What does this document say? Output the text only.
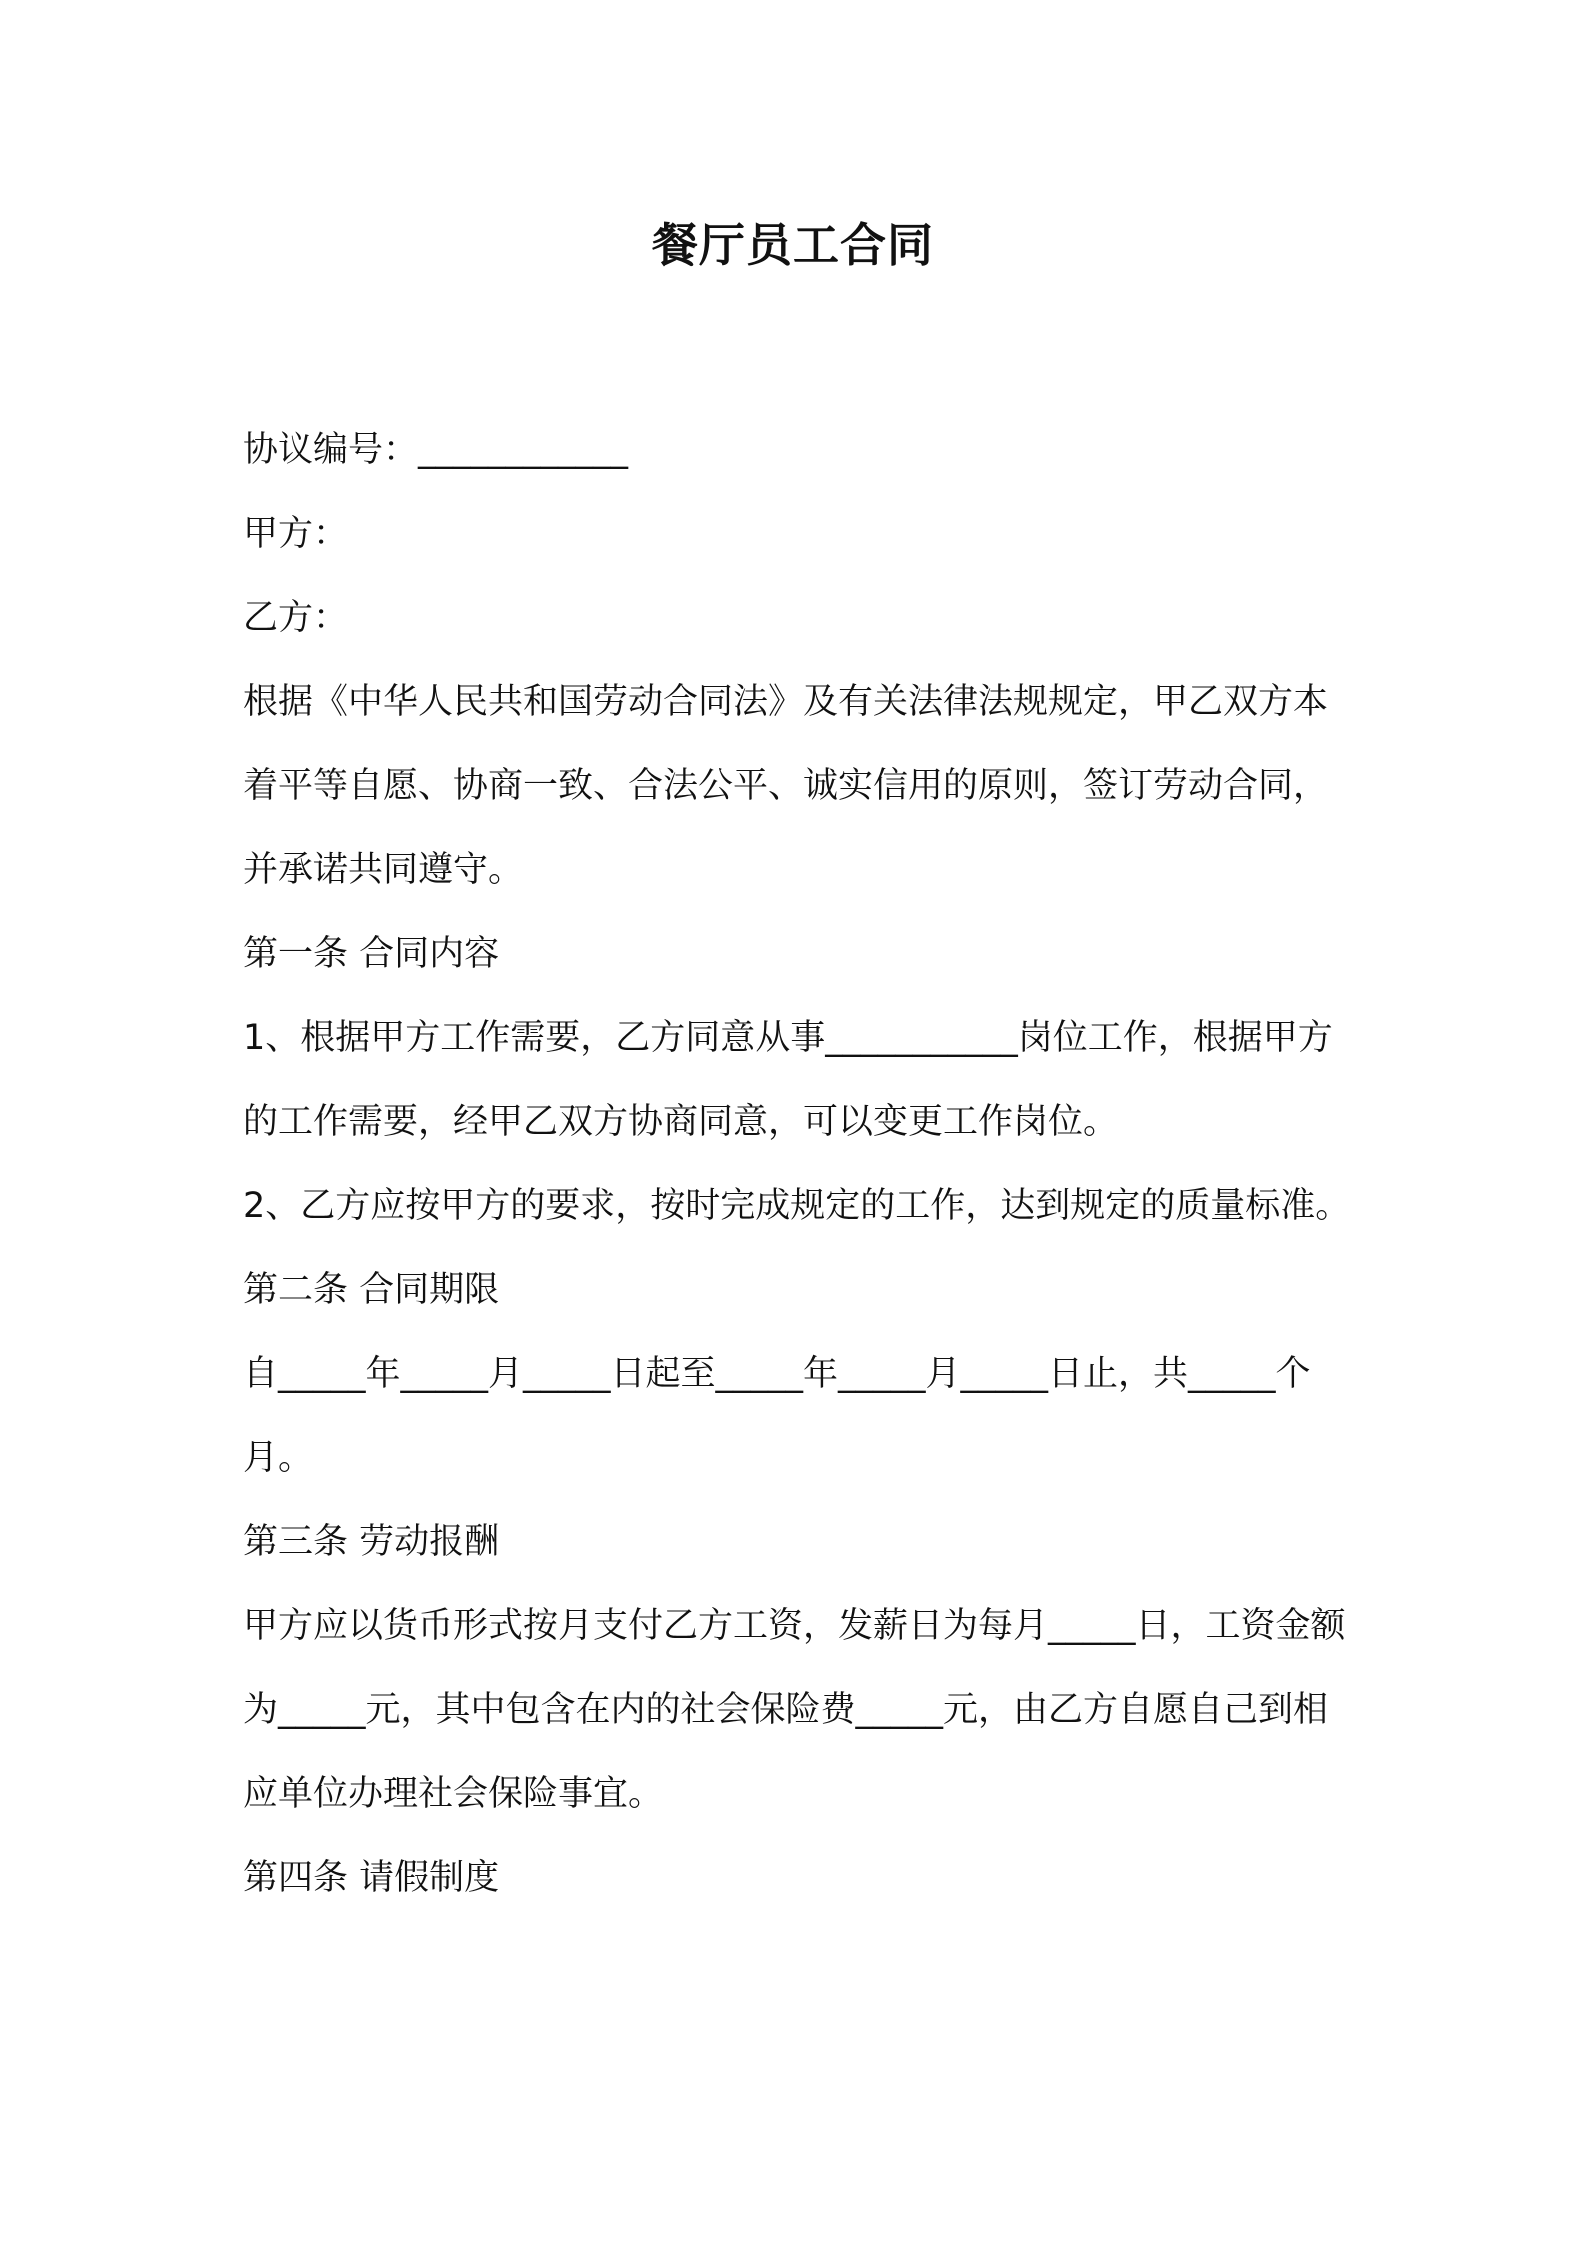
餐厅员工合同

协议编号：____________

甲方：

乙方：

根据《中华人民共和国劳动合同法》及有关法律法规规定，甲乙双方本着平等自愿、协商一致、合法公平、诚实信用的原则，签订劳动合同，并承诺共同遵守。

第一条 合同内容

1、根据甲方工作需要，乙方同意从事___________岗位工作，根据甲方的工作需要，经甲乙双方协商同意，可以变更工作岗位。

2、乙方应按甲方的要求，按时完成规定的工作，达到规定的质量标准。

第二条 合同期限

自_____年_____月_____日起至_____年_____月_____日止，共_____个月。

第三条 劳动报酬

甲方应以货币形式按月支付乙方工资，发薪日为每月_____日，工资金额为_____元，其中包含在内的社会保险费_____元，由乙方自愿自己到相应单位办理社会保险事宜。

第四条 请假制度
